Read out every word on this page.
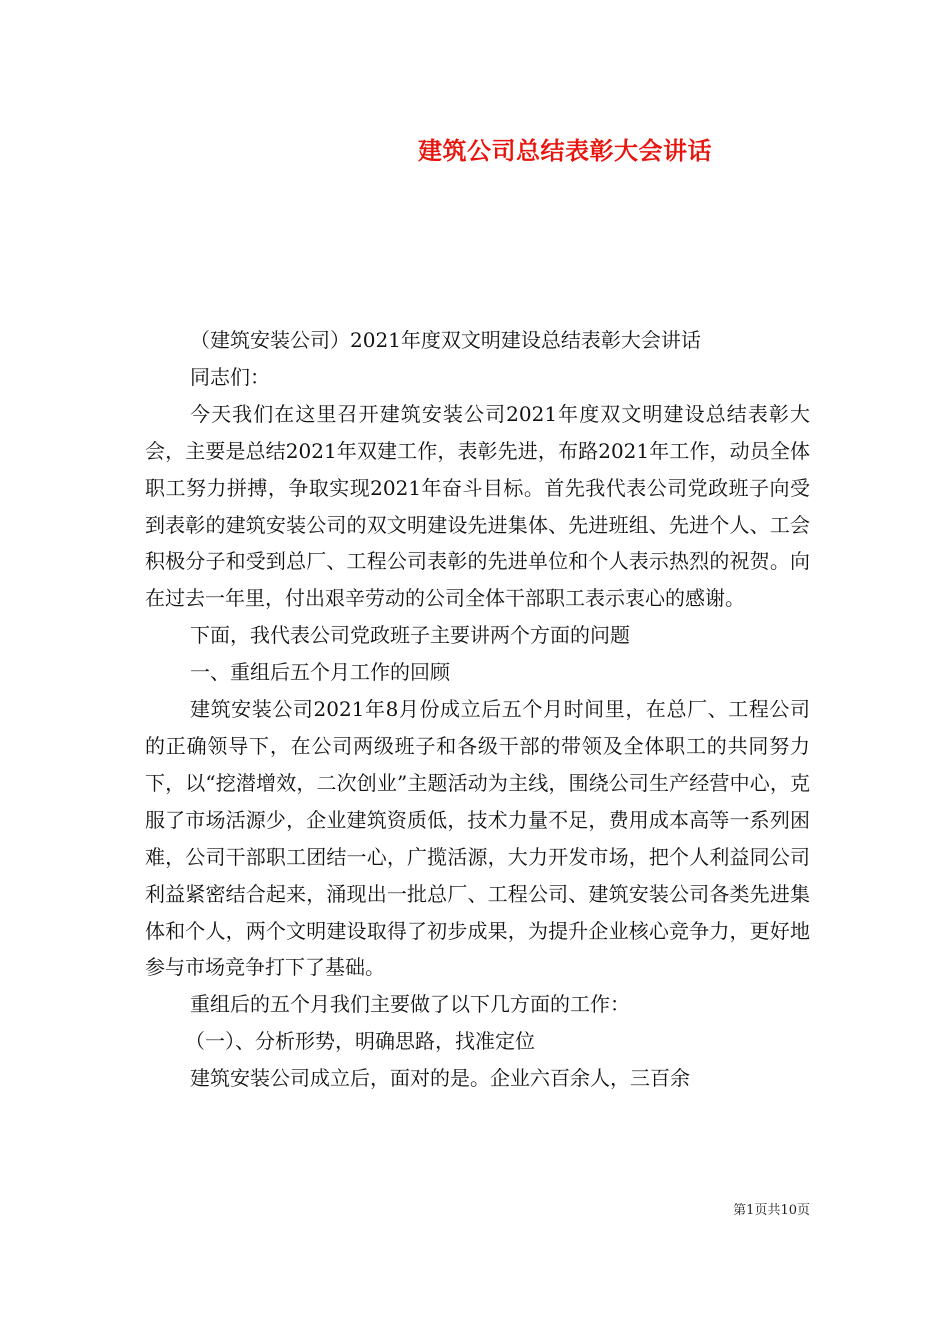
建筑公司总结表彰大会讲话

（建筑安装公司）2021年度双文明建设总结表彰大会讲话

同志们：

今天我们在这里召开建筑安装公司2021年度双文明建设总结表彰大会，主要是总结2021年双建工作，表彰先进，布路2021年工作，动员全体职工努力拼搏，争取实现2021年奋斗目标。首先我代表公司党政班子向受到表彰的建筑安装公司的双文明建设先进集体、先进班组、先进个人、工会积极分子和受到总厂、工程公司表彰的先进单位和个人表示热烈的祝贺。向在过去一年里，付出艰辛劳动的公司全体干部职工表示衷心的感谢。

下面，我代表公司党政班子主要讲两个方面的问题

一、重组后五个月工作的回顾

建筑安装公司2021年8月份成立后五个月时间里，在总厂、工程公司的正确领导下，在公司两级班子和各级干部的带领及全体职工的共同努力下，以“挖潜增效，二次创业”主题活动为主线，围绕公司生产经营中心，克服了市场活源少，企业建筑资质低，技术力量不足，费用成本高等一系列困难，公司干部职工团结一心，广揽活源，大力开发市场，把个人利益同公司利益紧密结合起来，涌现出一批总厂、工程公司、建筑安装公司各类先进集体和个人，两个文明建设取得了初步成果，为提升企业核心竞争力，更好地参与市场竞争打下了基础。

重组后的五个月我们主要做了以下几方面的工作：

（一）、分析形势，明确思路，找准定位

建筑安装公司成立后，面对的是。企业六百余人，三百余

第1页共10页
